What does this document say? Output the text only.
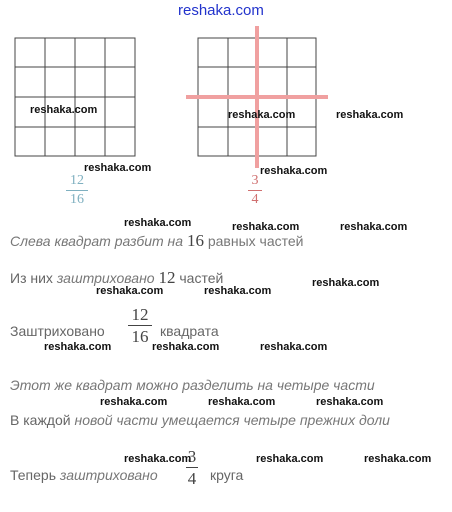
reshaka.com
12
16
3
4
Слева квадрат разбит на 16 равных частей
Из них заштриховано 12 частей
Заштриховано
12
16 квадрата
Этот же квадрат можно разделить на четыре части
В каждой новой части умещается четыре прежних доли
Теперь заштриховано
3
4 круга
reshaka.com	reshaka.com	reshaka.com
reshaka.com	reshaka.com
reshaka.com	reshaka.com	reshaka.com
reshaka.com	reshaka.com
reshaka.com
reshaka.com	reshaka.com	reshaka.com
reshaka.com	reshaka.com	reshaka.com
reshaka.com	reshaka.com	reshaka.com
